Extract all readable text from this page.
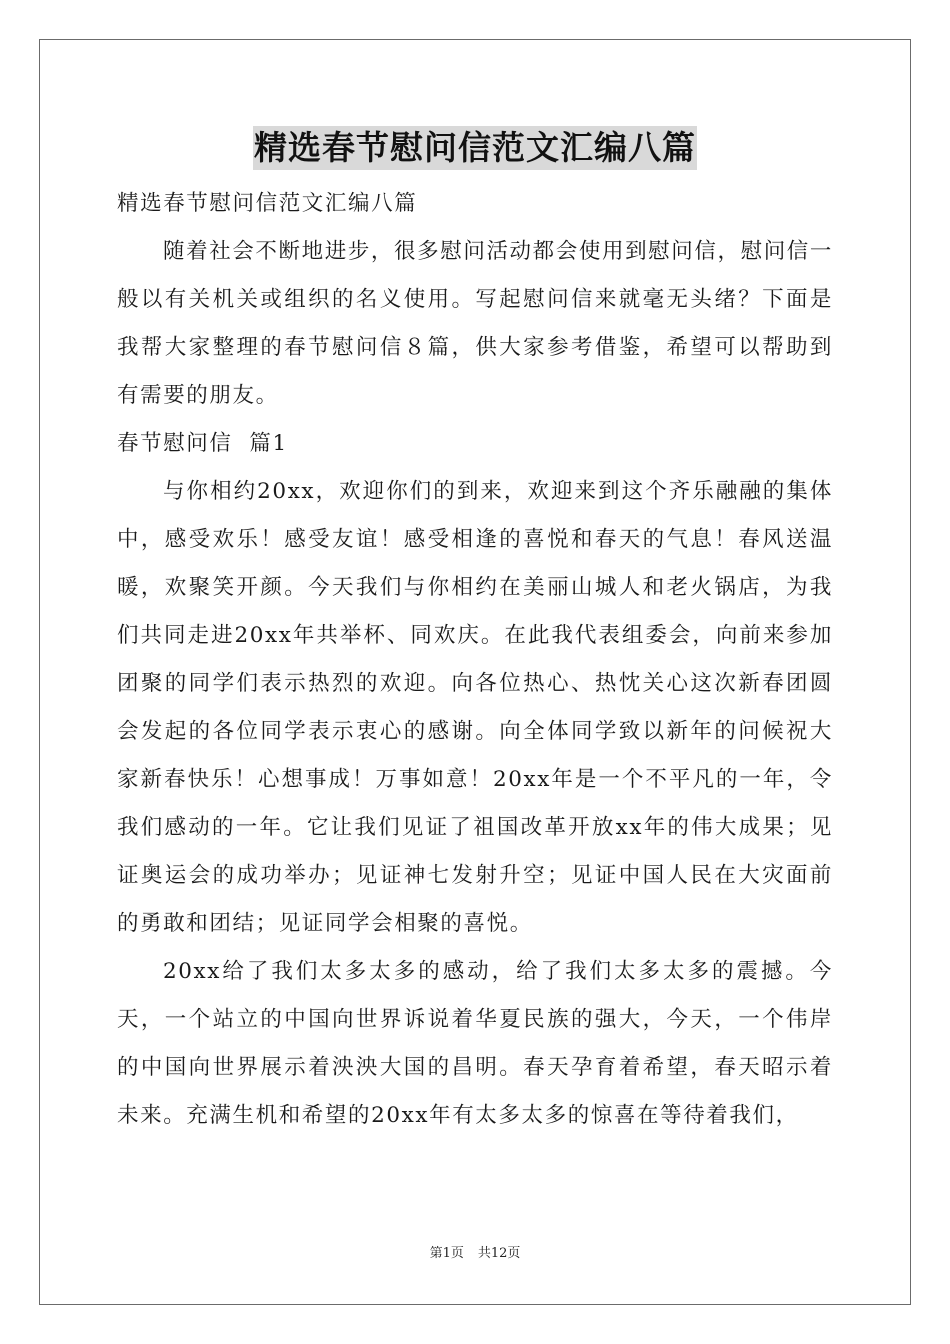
精选春节慰问信范文汇编八篇

精选春节慰问信范文汇编八篇

随着社会不断地进步，很多慰问活动都会使用到慰问信，慰问信一般以有关机关或组织的名义使用。写起慰问信来就毫无头绪？下面是我帮大家整理的春节慰问信８篇，供大家参考借鉴，希望可以帮助到有需要的朋友。

春节慰问信  篇1

与你相约20xx，欢迎你们的到来，欢迎来到这个齐乐融融的集体中，感受欢乐！感受友谊！感受相逢的喜悦和春天的气息！春风送温暖，欢聚笑开颜。今天我们与你相约在美丽山城人和老火锅店，为我们共同走进20xx年共举杯、同欢庆。在此我代表组委会，向前来参加团聚的同学们表示热烈的欢迎。向各位热心、热忱关心这次新春团圆会发起的各位同学表示衷心的感谢。向全体同学致以新年的问候祝大家新春快乐！心想事成！万事如意！20xx年是一个不平凡的一年，令我们感动的一年。它让我们见证了祖国改革开放xx年的伟大成果；见证奥运会的成功举办；见证神七发射升空；见证中国人民在大灾面前的勇敢和团结；见证同学会相聚的喜悦。

20xx给了我们太多太多的感动，给了我们太多太多的震撼。今天，一个站立的中国向世界诉说着华夏民族的强大，今天，一个伟岸的中国向世界展示着泱泱大国的昌明。春天孕育着希望，春天昭示着未来。充满生机和希望的20xx年有太多太多的惊喜在等待着我们，

第1页 共12页
